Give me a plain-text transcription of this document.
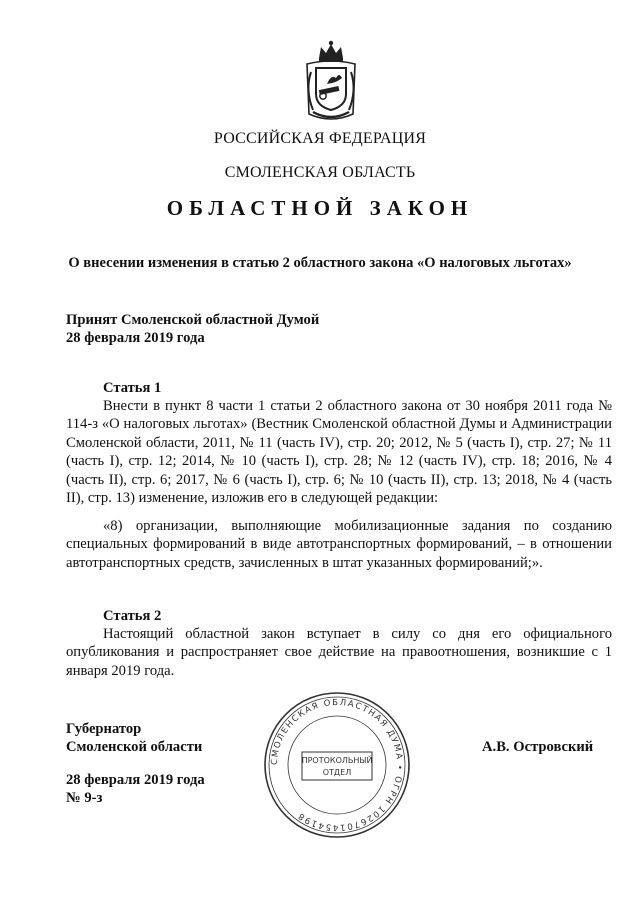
РОССИЙСКАЯ ФЕДЕРАЦИЯ
СМОЛЕНСКАЯ ОБЛАСТЬ
ОБЛАСТНОЙ ЗАКОН
О внесении изменения в статью 2 областного закона «О налоговых льготах»
Принят Смоленской областной Думой
28 февраля 2019 года
Статья 1

Внести в пункт 8 части 1 статьи 2 областного закона от 30 ноября 2011 года № 114-з «О налоговых льготах» (Вестник Смоленской областной Думы и Администрации Смоленской области, 2011, № 11 (часть IV), стр. 20; 2012, № 5 (часть I), стр. 27; № 11 (часть I), стр. 12; 2014, № 10 (часть I), стр. 28; № 12 (часть IV), стр. 18; 2016, № 4 (часть II), стр. 6; 2017, № 6 (часть I), стр. 6; № 10 (часть II), стр. 13; 2018, № 4 (часть II), стр. 13) изменение, изложив его в следующей редакции:

«8) организации, выполняющие мобилизационные задания по созданию специальных формирований в виде автотранспортных формирований, – в отношении автотранспортных средств, зачисленных в штат указанных формирований;».

Статья 2

Настоящий областной закон вступает в силу со дня его официального опубликования и распространяет свое действие на правоотношения, возникшие с 1 января 2019 года.

Губернатор
Смоленской области	А.В. Островский
28 февраля 2019 года
№ 9-з
СМОЛЕНСКАЯ ОБЛАСТНАЯ ДУМА • ОГРН 1026701454198
ПРОТОКОЛЬНЫЙ
ОТДЕЛ
